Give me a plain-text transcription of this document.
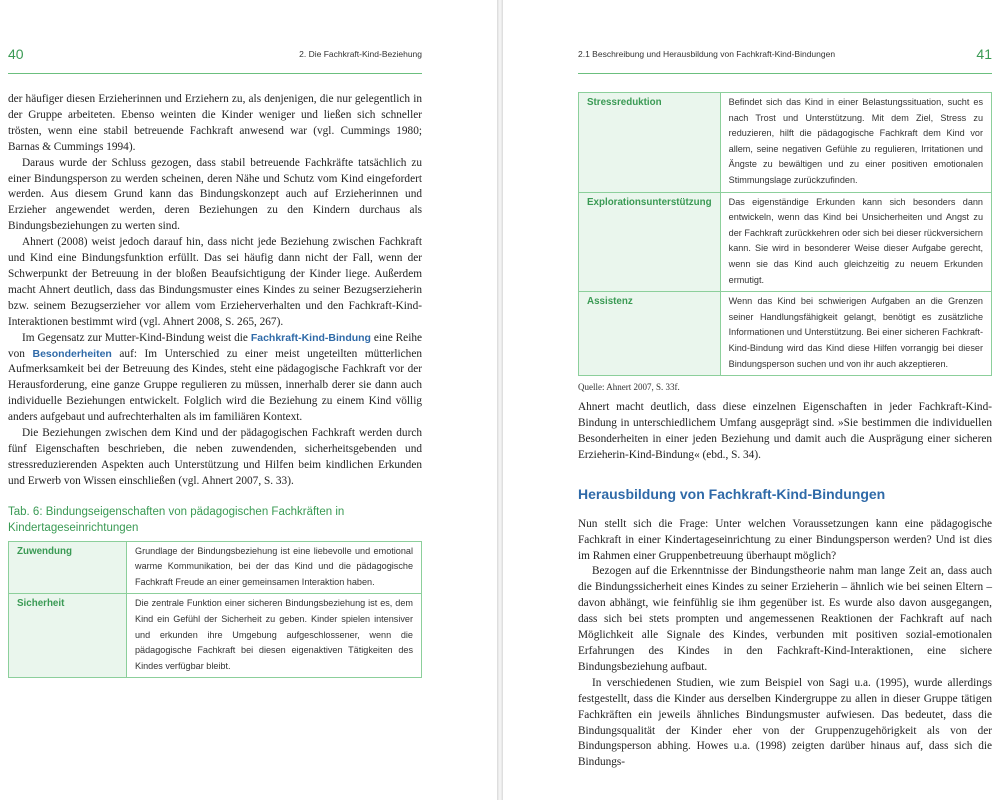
40	2. Die Fachkraft-Kind-Beziehung

der häufiger diesen Erzieherinnen und Erziehern zu, als denjenigen, die nur gelegentlich in der Gruppe arbeiteten. Ebenso weinten die Kinder weniger und ließen sich schneller trösten, wenn eine stabil betreuende Fachkraft anwesend war (vgl. Cummings 1980; Barnas & Cummings 1994).

Daraus wurde der Schluss gezogen, dass stabil betreuende Fachkräfte tatsächlich zu einer Bindungsperson zu werden scheinen, deren Nähe und Schutz vom Kind eingefordert werden. Aus diesem Grund kann das Bindungskonzept auch auf Erzieherinnen und Erzieher angewendet werden, deren Beziehungen zu den Kindern durchaus als Bindungsbeziehungen zu werten sind.

Ahnert (2008) weist jedoch darauf hin, dass nicht jede Beziehung zwischen Fachkraft und Kind eine Bindungsfunktion erfüllt. Das sei häufig dann nicht der Fall, wenn der Schwerpunkt der Betreuung in der bloßen Beaufsichtigung der Kinder liege. Außerdem macht Ahnert deutlich, dass das Bindungsmuster eines Kindes zu seiner Bezugserzieherin bzw. seinem Bezugserzieher vor allem vom Erzieherverhalten und den Fachkraft-Kind-Interaktionen bestimmt wird (vgl. Ahnert 2008, S. 265, 267).

Im Gegensatz zur Mutter-Kind-Bindung weist die Fachkraft-Kind-Bindung eine Reihe von Besonderheiten auf: Im Unterschied zu einer meist ungeteilten mütterlichen Aufmerksamkeit bei der Betreuung des Kindes, steht eine pädagogische Fachkraft vor der Herausforderung, eine ganze Gruppe regulieren zu müssen, innerhalb derer sie dann auch individuelle Beziehungen entwickelt. Folglich wird die Beziehung zu einem Kind völlig anders aufgebaut und aufrechterhalten als im familiären Kontext.

Die Beziehungen zwischen dem Kind und der pädagogischen Fachkraft werden durch fünf Eigenschaften beschrieben, die neben zuwendenden, sicherheitsgebenden und stressreduzierenden Aspekten auch Unterstützung und Hilfen beim kindlichen Erkunden und Erwerb von Wissen einschließen (vgl. Ahnert 2007, S. 33).

Tab. 6: Bindungseigenschaften von pädagogischen Fachkräften in Kindertageseinrichtungen
Zuwendung	Grundlage der Bindungsbeziehung ist eine liebevolle und emotional warme Kommunikation, bei der das Kind und die pädagogische Fachkraft Freude an einer gemeinsamen Interaktion haben.
Sicherheit	Die zentrale Funktion einer sicheren Bindungsbeziehung ist es, dem Kind ein Gefühl der Sicherheit zu geben. Kinder spielen intensiver und erkunden ihre Umgebung aufgeschlossener, wenn die pädagogische Fachkraft bei diesen eigenaktiven Tätigkeiten des Kindes verfügbar bleibt.
2.1 Beschreibung und Herausbildung von Fachkraft-Kind-Bindungen	41
Stressreduktion	Befindet sich das Kind in einer Belastungssituation, sucht es nach Trost und Unterstützung. Mit dem Ziel, Stress zu reduzieren, hilft die pädagogische Fachkraft dem Kind vor allem, seine negativen Gefühle zu regulieren, Irritationen und Ängste zu bewältigen und zu einer positiven emotionalen Stimmungslage zurückzufinden.
Explorationsunterstützung	Das eigenständige Erkunden kann sich besonders dann entwickeln, wenn das Kind bei Unsicherheiten und Angst zu der Fachkraft zurückkehren oder sich bei dieser rückversichern kann. Sie wird in besonderer Weise dieser Aufgabe gerecht, wenn sie das Kind auch gleichzeitig zu neuem Erkunden ermutigt.
Assistenz	Wenn das Kind bei schwierigen Aufgaben an die Grenzen seiner Handlungsfähigkeit gelangt, benötigt es zusätzliche Informationen und Unterstützung. Bei einer sicheren Fachkraft-Kind-Bindung wird das Kind diese Hilfen vorrangig bei dieser Bindungsperson suchen und von ihr auch akzeptieren.
Quelle: Ahnert 2007, S. 33f.

Ahnert macht deutlich, dass diese einzelnen Eigenschaften in jeder Fachkraft-Kind-Bindung in unterschiedlichem Umfang ausgeprägt sind. »Sie bestimmen die individuellen Besonderheiten in einer jeden Beziehung und damit auch die Ausprägung einer sicheren Erzieherin-Kind-Bindung« (ebd., S. 34).

Herausbildung von Fachkraft-Kind-Bindungen

Nun stellt sich die Frage: Unter welchen Voraussetzungen kann eine pädagogische Fachkraft in einer Kindertageseinrichtung zu einer Bindungsperson werden? Und ist dies im Rahmen einer Gruppenbetreuung überhaupt möglich?

Bezogen auf die Erkenntnisse der Bindungstheorie nahm man lange Zeit an, dass auch die Bindungssicherheit eines Kindes zu seiner Erzieherin – ähnlich wie bei seinen Eltern – davon abhängt, wie feinfühlig sie ihm gegenüber ist. Es wurde also davon ausgegangen, dass sich bei stets prompten und angemessenen Reaktionen der Fachkraft auf nach Möglichkeit alle Signale des Kindes, verbunden mit positiven sozial-emotionalen Erfahrungen des Kindes in den Fachkraft-Kind-Interaktionen, eine sichere Bindungsbeziehung aufbaut.

In verschiedenen Studien, wie zum Beispiel von Sagi u.a. (1995), wurde allerdings festgestellt, dass die Kinder aus derselben Kindergruppe zu allen in dieser Gruppe tätigen Fachkräften ein jeweils ähnliches Bindungsmuster aufwiesen. Das bedeutet, dass die Bindungsqualität der Kinder eher von der Gruppenzugehörigkeit als von der Bindungsperson abhing. Howes u.a. (1998) zeigten darüber hinaus auf, dass sich die Bindungs-
